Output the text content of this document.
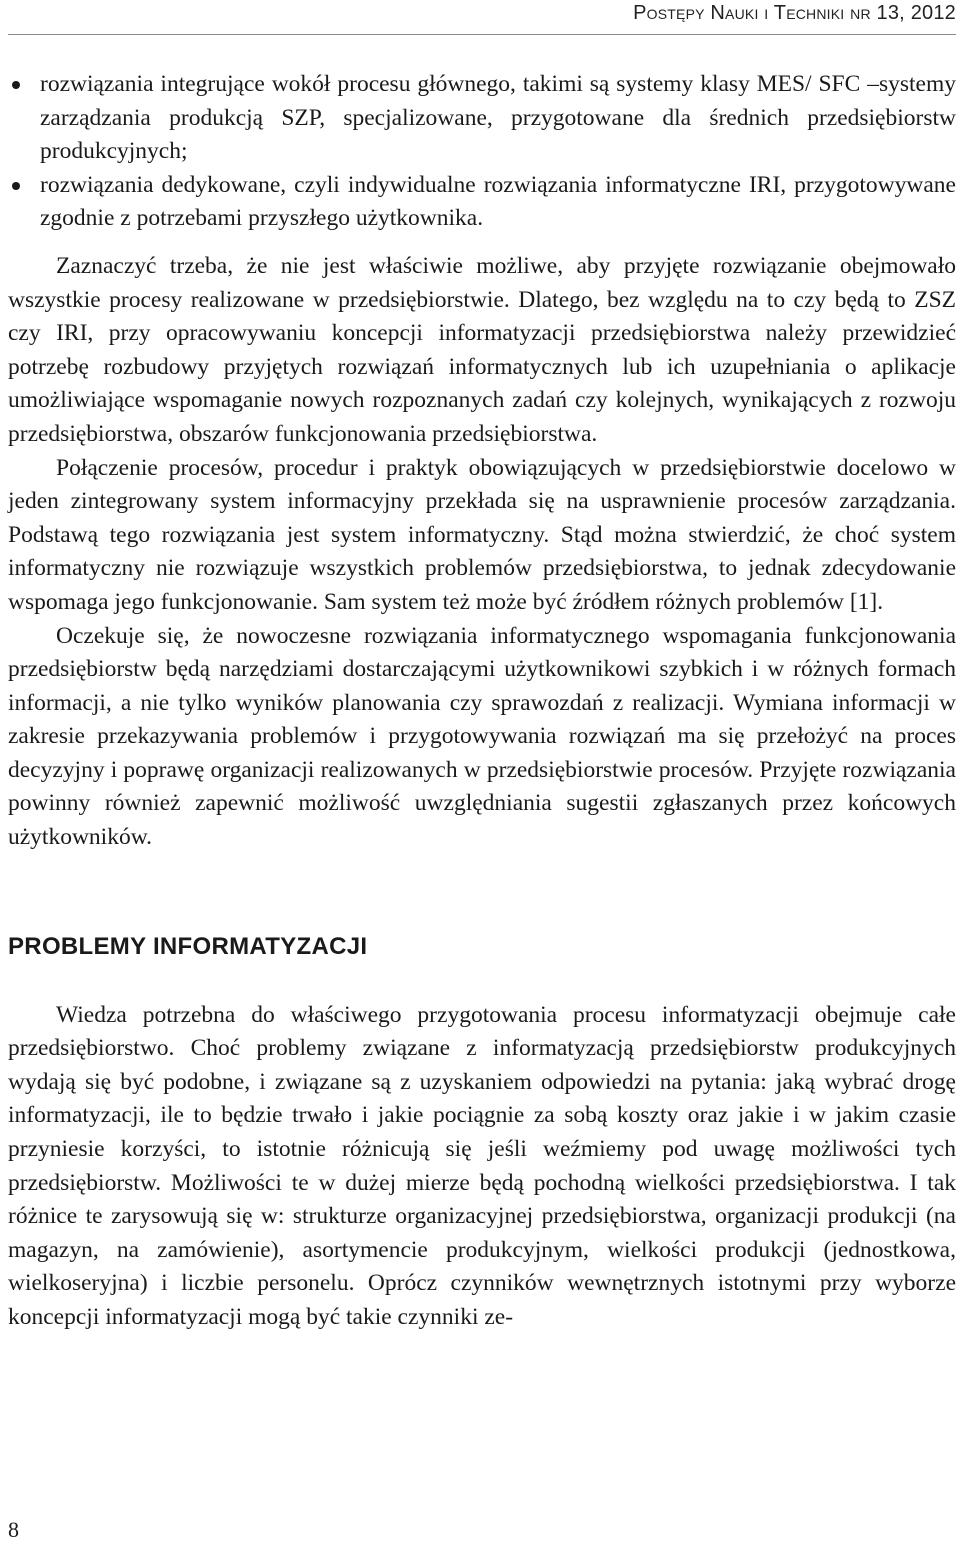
Postępy Nauki i Techniki nr 13, 2012
rozwiązania integrujące wokół procesu głównego, takimi są systemy klasy MES/ SFC –systemy zarządzania produkcją SZP, specjalizowane, przygotowane dla średnich przedsiębiorstw produkcyjnych;
rozwiązania dedykowane, czyli indywidualne rozwiązania informatyczne IRI, przygotowywane zgodnie z potrzebami przyszłego użytkownika.

Zaznaczyć trzeba, że nie jest właściwie możliwe, aby przyjęte rozwiązanie obejmowało wszystkie procesy realizowane w przedsiębiorstwie. Dlatego, bez względu na to czy będą to ZSZ czy IRI, przy opracowywaniu koncepcji informatyzacji przedsiębiorstwa należy przewidzieć potrzebę rozbudowy przyjętych rozwiązań informatycznych lub ich uzupełniania o aplikacje umożliwiające wspomaganie nowych rozpoznanych zadań czy kolejnych, wynikających z rozwoju przedsiębiorstwa, obszarów funkcjonowania przedsiębiorstwa.

Połączenie procesów, procedur i praktyk obowiązujących w przedsiębiorstwie docelowo w jeden zintegrowany system informacyjny przekłada się na usprawnienie procesów zarządzania. Podstawą tego rozwiązania jest system informatyczny. Stąd można stwierdzić, że choć system informatyczny nie rozwiązuje wszystkich problemów przedsiębiorstwa, to jednak zdecydowanie wspomaga jego funkcjonowanie. Sam system też może być źródłem różnych problemów [1].

Oczekuje się, że nowoczesne rozwiązania informatycznego wspomagania funkcjonowania przedsiębiorstw będą narzędziami dostarczającymi użytkownikowi szybkich i w różnych formach informacji, a nie tylko wyników planowania czy sprawozdań z realizacji. Wymiana informacji w zakresie przekazywania problemów i przygotowywania rozwiązań ma się przełożyć na proces decyzyjny i poprawę organizacji realizowanych w przedsiębiorstwie procesów. Przyjęte rozwiązania powinny również zapewnić możliwość uwzględniania sugestii zgłaszanych przez końcowych użytkowników.

PROBLEMY INFORMATYZACJI

Wiedza potrzebna do właściwego przygotowania procesu informatyzacji obejmuje całe przedsiębiorstwo. Choć problemy związane z informatyzacją przedsiębiorstw produkcyjnych wydają się być podobne, i związane są z uzyskaniem odpowiedzi na pytania: jaką wybrać drogę informatyzacji, ile to będzie trwało i jakie pociągnie za sobą koszty oraz jakie i w jakim czasie przyniesie korzyści, to istotnie różnicują się jeśli weźmiemy pod uwagę możliwości tych przedsiębiorstw. Możliwości te w dużej mierze będą pochodną wielkości przedsiębiorstwa. I tak różnice te zarysowują się w: strukturze organizacyjnej przedsiębiorstwa, organizacji produkcji (na magazyn, na zamówienie), asortymencie produkcyjnym, wielkości produkcji (jednostkowa, wielkoseryjna) i liczbie personelu. Oprócz czynników wewnętrznych istotnymi przy wyborze koncepcji informatyzacji mogą być takie czynniki ze-

8
